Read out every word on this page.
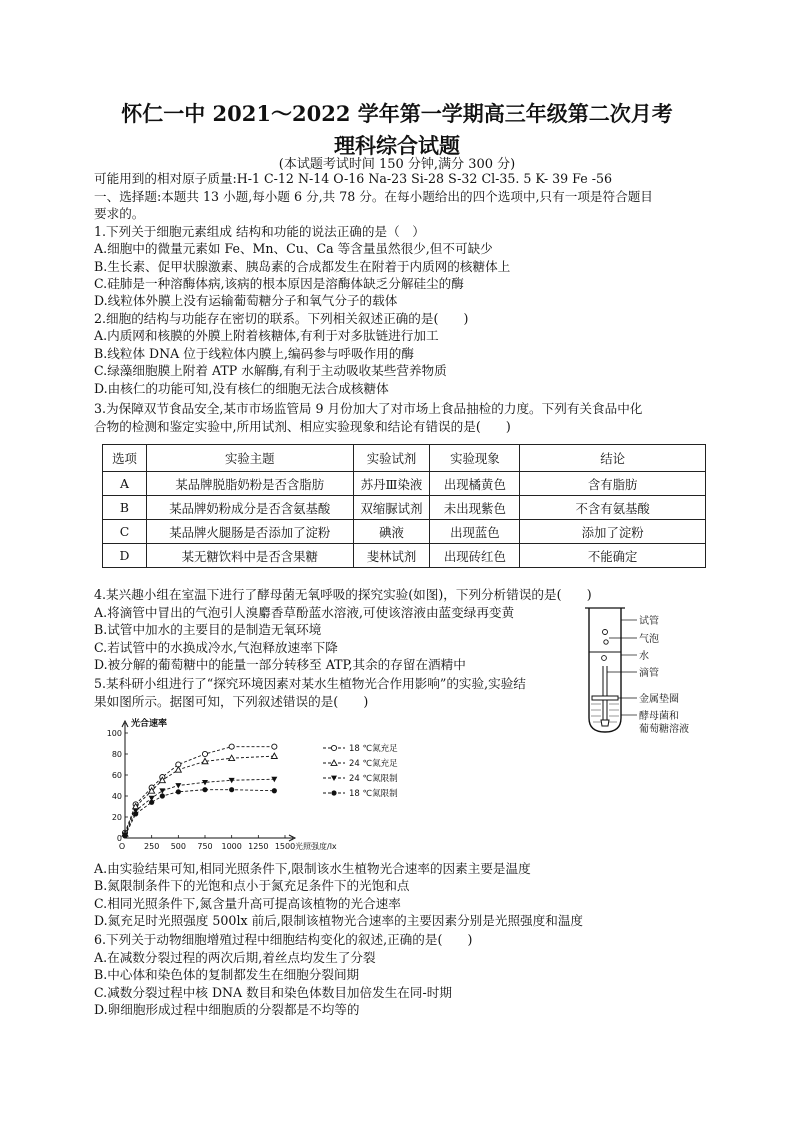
怀仁一中 2021～2022 学年第一学期高三年级第二次月考
理科综合试题
(本试题考试时间 150 分钟,满分 300 分)
可能用到的相对原子质量:H-1 C-12 N-14 O-16 Na-23 Si-28 S-32 Cl-35. 5 K- 39 Fe -56
一、选择题:本题共 13 小题,每小题 6 分,共 78 分。在每小题给出的四个选项中,只有一项是符合题目
要求的。
1.下列关于细胞元素组成 结构和功能的说法正确的是（　）
A.细胞中的微量元素如 Fe、Mn、Cu、Ca 等含量虽然很少,但不可缺少
B.生长素、促甲状腺激素、胰岛素的合成都发生在附着于内质网的核糖体上
C.硅肺是一种溶酶体病,该病的根本原因是溶酶体缺乏分解硅尘的酶
D.线粒体外膜上没有运输葡萄糖分子和氧气分子的载体
2.细胞的结构与功能存在密切的联系。下列相关叙述正确的是(　　)
A.内质网和核膜的外膜上附着核糖体,有利于对多肽链进行加工
B.线粒体 DNA 位于线粒体内膜上,编码参与呼吸作用的酶
C.绿藻细胞膜上附着 ATP 水解酶,有利于主动吸收某些营养物质
D.由核仁的功能可知,没有核仁的细胞无法合成核糖体
3.为保障双节食品安全,某市市场监管局 9 月份加大了对市场上食品抽检的力度。下列有关食品中化
合物的检测和鉴定实验中,所用试剂、相应实验现象和结论有错误的是(　　)
选项	实验主题	实验试剂	实验现象	结论
A	某品牌脱脂奶粉是否含脂肪	苏丹Ⅲ染液	出现橘黄色	含有脂肪
B	某品牌奶粉成分是否含氨基酸	双缩脲试剂	未出现紫色	不含有氨基酸
C	某品牌火腿肠是否添加了淀粉	碘液	出现蓝色	添加了淀粉
D	某无糖饮料中是否含果糖	斐林试剂	出现砖红色	不能确定
4.某兴趣小组在室温下进行了酵母菌无氧呼吸的探究实验(如图)，下列分析错误的是(　　)
A.将滴管中冒出的气泡引人溴麝香草酚蓝水溶液,可使该溶液由蓝变绿再变黄
B.试管中加水的主要目的是制造无氧环境
C.若试管中的水换成冷水,气泡释放速率下降
D.被分解的葡萄糖中的能量一部分转移至 ATP,其余的存留在酒精中
5.某科研小组进行了“探究环境因素对某水生植物光合作用影响”的实验,实验结
果如图所示。据图可知，下列叙述错误的是(　　)
试管
气泡
水
滴管
金属垫圈
酵母菌和
葡萄糖溶液
0
20
40
60
80
100
250 500 750 1000 1250 1500
O
光合速率
光照强度/lx
18 ℃氮充足
24 ℃氮充足
24 ℃氮限制
18 ℃氮限制
A.由实验结果可知,相同光照条件下,限制该水生植物光合速率的因素主要是温度
B.氮限制条件下的光饱和点小于氮充足条件下的光饱和点
C.相同光照条件下,氮含量升高可提高该植物的光合速率
D.氮充足时光照强度 500lx 前后,限制该植物光合速率的主要因素分别是光照强度和温度
6.下列关于动物细胞增殖过程中细胞结构变化的叙述,正确的是(　　)
A.在减数分裂过程的两次后期,着丝点均发生了分裂
B.中心体和染色体的复制都发生在细胞分裂间期
C.减数分裂过程中核 DNA 数目和染色体数目加倍发生在同-时期
D.卵细胞形成过程中细胞质的分裂都是不均等的
